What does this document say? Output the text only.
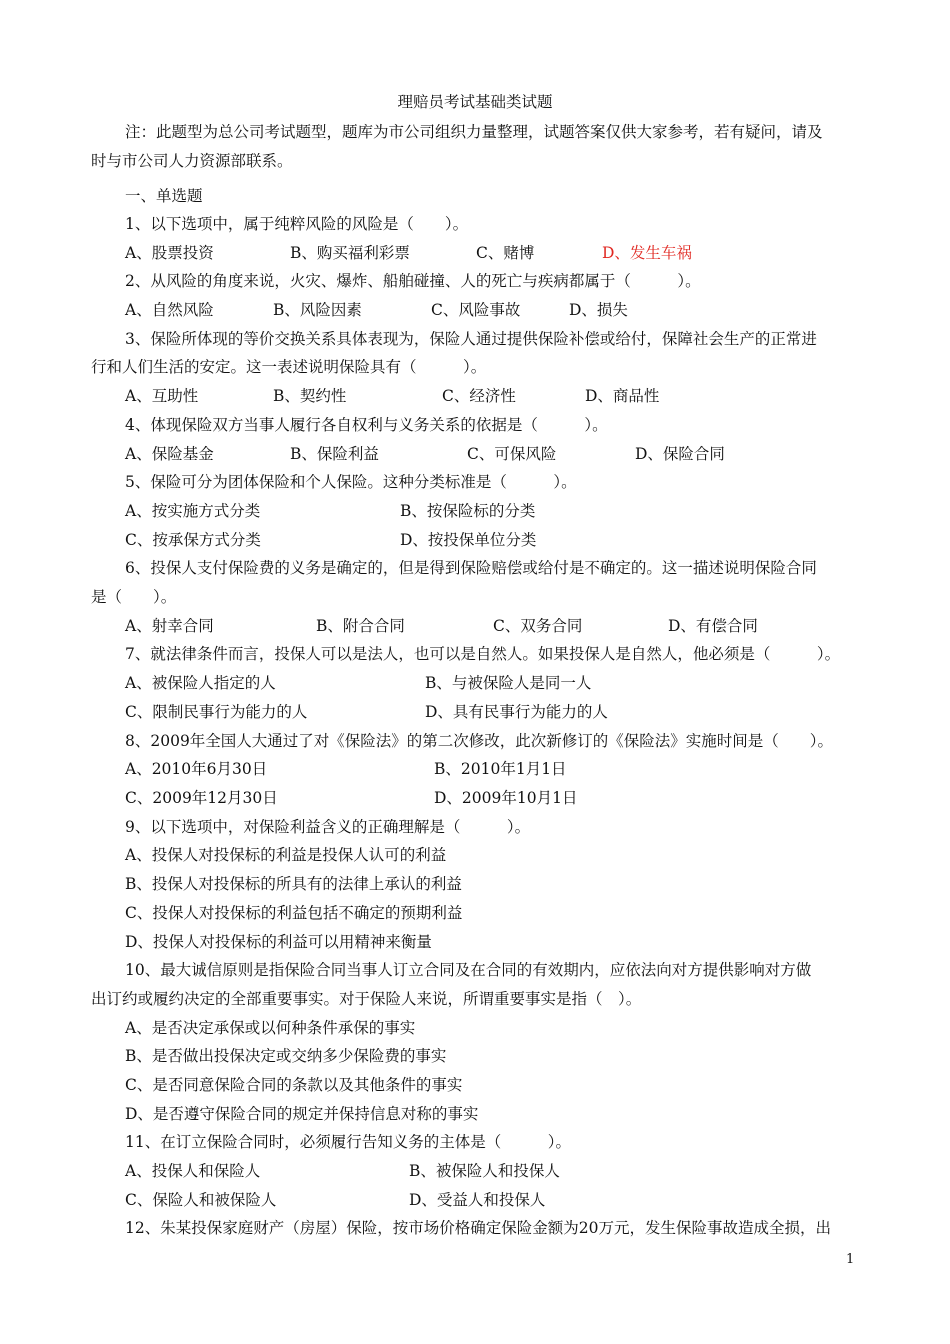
理赔员考试基础类试题
注：此题型为总公司考试题型，题库为市公司组织力量整理，试题答案仅供大家参考，若有疑问，请及
时与市公司人力资源部联系。
一、单选题
1、以下选项中，属于纯粹风险的风险是（　　）。
A、股票投资	B、购买福利彩票	C、赌博	D、发生车祸
2、从风险的角度来说，火灾、爆炸、船舶碰撞、人的死亡与疾病都属于（　　　）。
A、自然风险	B、风险因素	C、风险事故	D、损失
3、保险所体现的等价交换关系具体表现为，保险人通过提供保险补偿或给付，保障社会生产的正常进
行和人们生活的安定。这一表述说明保险具有（　　　）。
A、互助性	B、契约性	C、经济性	D、商品性
4、体现保险双方当事人履行各自权利与义务关系的依据是（　　　）。
A、保险基金	B、保险利益	C、可保风险	D、保险合同
5、保险可分为团体保险和个人保险。这种分类标准是（　　　）。
A、按实施方式分类	B、按保险标的分类
C、按承保方式分类	D、按投保单位分类
6、投保人支付保险费的义务是确定的，但是得到保险赔偿或给付是不确定的。这一描述说明保险合同
是（　　）。
A、射幸合同	B、附合合同	C、双务合同	D、有偿合同
7、就法律条件而言，投保人可以是法人，也可以是自然人。如果投保人是自然人，他必须是（　　　）。
A、被保险人指定的人	B、与被保险人是同一人
C、限制民事行为能力的人	D、具有民事行为能力的人
8、2009年全国人大通过了对《保险法》的第二次修改，此次新修订的《保险法》实施时间是（　　）。
A、2010年6月30日	B、2010年1月1日
C、2009年12月30日	D、2009年10月1日
9、以下选项中，对保险利益含义的正确理解是（　　　）。
A、投保人对投保标的利益是投保人认可的利益
B、投保人对投保标的所具有的法律上承认的利益
C、投保人对投保标的利益包括不确定的预期利益
D、投保人对投保标的利益可以用精神来衡量
10、最大诚信原则是指保险合同当事人订立合同及在合同的有效期内，应依法向对方提供影响对方做
出订约或履约决定的全部重要事实。对于保险人来说，所谓重要事实是指（　）。
A、是否决定承保或以何种条件承保的事实
B、是否做出投保决定或交纳多少保险费的事实
C、是否同意保险合同的条款以及其他条件的事实
D、是否遵守保险合同的规定并保持信息对称的事实
11、在订立保险合同时，必须履行告知义务的主体是（　　　）。
A、投保人和保险人	B、被保险人和投保人
C、保险人和被保险人	D、受益人和投保人
12、朱某投保家庭财产（房屋）保险，按市场价格确定保险金额为20万元，发生保险事故造成全损，出
1
